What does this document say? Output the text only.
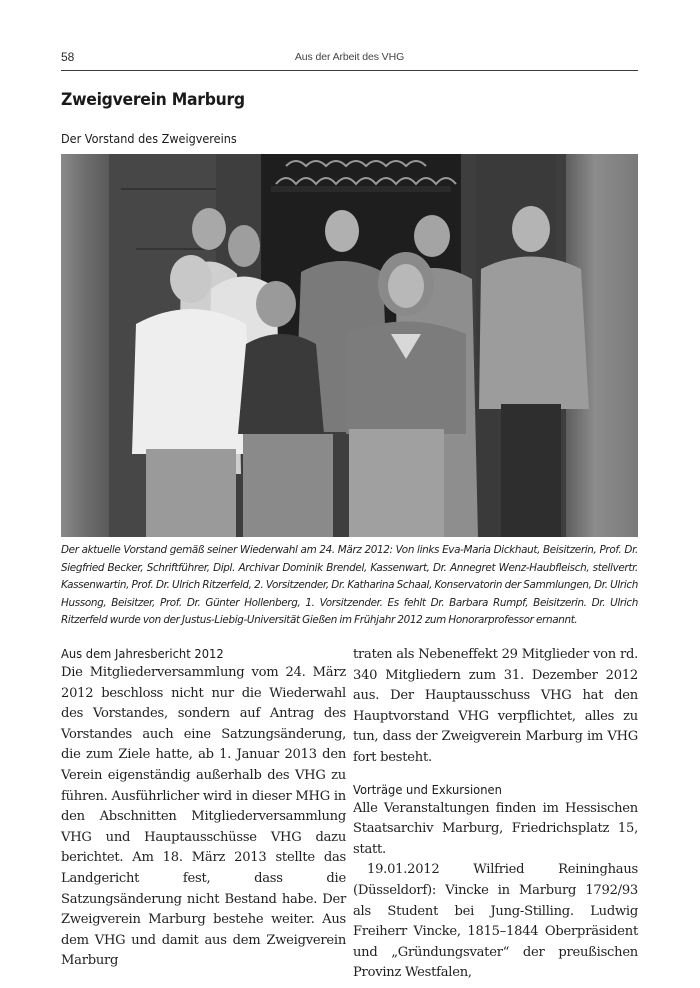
58	Aus der Arbeit des VHG
Zweigverein Marburg
Der Vorstand des Zweigvereins
Der aktuelle Vorstand gemäß seiner Wiederwahl am 24. März 2012: Von links Eva-Maria Dickhaut, Beisitzerin, Prof. Dr. Siegfried Becker, Schriftführer, Dipl. Archivar Dominik Brendel, Kassenwart, Dr. Annegret Wenz-Haubfleisch, stellvertr. Kassenwartin, Prof. Dr. Ulrich Ritzerfeld, 2. Vorsitzender, Dr. Katharina Schaal, Konservatorin der Sammlungen, Dr. Ulrich Hussong, Beisitzer, Prof. Dr. Günter Hollenberg, 1. Vorsitzender. Es fehlt Dr. Barbara Rumpf, Beisitzerin. Dr. Ulrich Ritzerfeld wurde von der Justus-Liebig-Universität Gießen im Frühjahr 2012 zum Honorarprofessor ernannt.
Aus dem Jahresbericht 2012

Die Mitgliederversammlung vom 24. März 2012 beschloss nicht nur die Wiederwahl des Vorstandes, sondern auf Antrag des Vorstandes auch eine Satzungsänderung, die zum Ziele hatte, ab 1. Januar 2013 den Verein eigenständig außerhalb des VHG zu führen. Ausführlicher wird in dieser MHG in den Abschnitten Mitgliederversammlung VHG und Hauptausschüsse VHG dazu berichtet. Am 18. März 2013 stellte das Landgericht fest, dass die Satzungsänderung nicht Bestand habe. Der Zweigverein Marburg bestehe weiter. Aus dem VHG und damit aus dem Zweigverein Marburg

traten als Nebeneffekt 29 Mitglieder von rd. 340 Mitgliedern zum 31. Dezember 2012 aus. Der Hauptausschuss VHG hat den Hauptvorstand VHG verpflichtet, alles zu tun, dass der Zweigverein Marburg im VHG fort besteht.

Vorträge und Exkursionen

Alle Veranstaltungen finden im Hessischen Staatsarchiv Marburg, Friedrichsplatz 15, statt.

19.01.2012 Wilfried Reininghaus (Düsseldorf): Vincke in Marburg 1792/93 als Student bei Jung-Stilling. Ludwig Freiherr Vincke, 1815–1844 Oberpräsident und „Gründungsvater“ der preußischen Provinz Westfalen,
